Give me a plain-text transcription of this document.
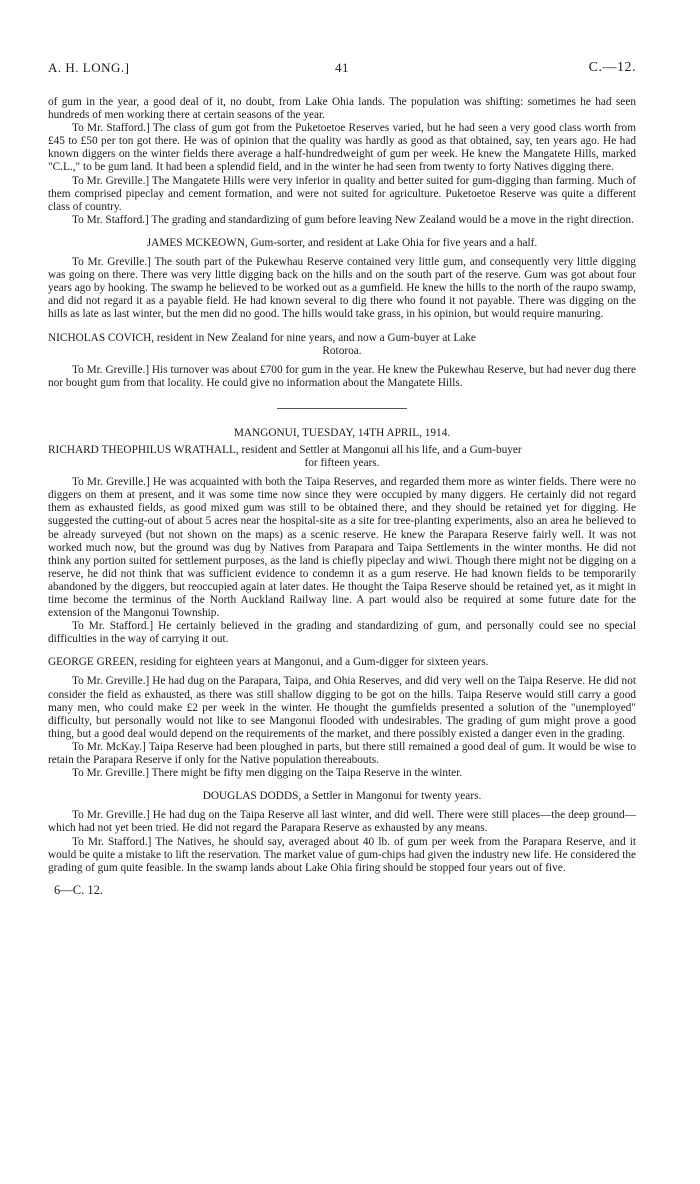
A. H. LONG.]	41	C.—12.

of gum in the year, a good deal of it, no doubt, from Lake Ohia lands. The population was shifting: sometimes he had seen hundreds of men working there at certain seasons of the year.

To Mr. Stafford.] The class of gum got from the Puketoetoe Reserves varied, but he had seen a very good class worth from £45 to £50 per ton got there. He was of opinion that the quality was hardly as good as that obtained, say, ten years ago. He had known diggers on the winter fields there average a half-hundredweight of gum per week. He knew the Mangatete Hills, marked "C.L.," to be gum land. It had been a splendid field, and in the winter he had seen from twenty to forty Natives digging there.

To Mr. Greville.] The Mangatete Hills were very inferior in quality and better suited for gum-digging than farming. Much of them comprised pipeclay and cement formation, and were not suited for agriculture. Puketoetoe Reserve was quite a different class of country.

To Mr. Stafford.] The grading and standardizing of gum before leaving New Zealand would be a move in the right direction.

JAMES MCKEOWN, Gum-sorter, and resident at Lake Ohia for five years and a half.

To Mr. Greville.] The south part of the Pukewhau Reserve contained very little gum, and consequently very little digging was going on there. There was very little digging back on the hills and on the south part of the reserve. Gum was got about four years ago by hooking. The swamp he believed to be worked out as a gumfield. He knew the hills to the north of the raupo swamp, and did not regard it as a payable field. He had known several to dig there who found it not payable. There was digging on the hills as late as last winter, but the men did no good. The hills would take grass, in his opinion, but would require manuring.

NICHOLAS COVICH, resident in New Zealand for nine years, and now a Gum-buyer at Lake
Rotoroa.

To Mr. Greville.] His turnover was about £700 for gum in the year. He knew the Pukewhau Reserve, but had never dug there nor bought gum from that locality. He could give no information about the Mangatete Hills.

MANGONUI, TUESDAY, 14TH APRIL, 1914.
RICHARD THEOPHILUS WRATHALL, resident and Settler at Mangonui all his life, and a Gum-buyer
for fifteen years.

To Mr. Greville.] He was acquainted with both the Taipa Reserves, and regarded them more as winter fields. There were no diggers on them at present, and it was some time now since they were occupied by many diggers. He certainly did not regard them as exhausted fields, as good mixed gum was still to be obtained there, and they should be retained yet for digging. He suggested the cutting-out of about 5 acres near the hospital-site as a site for tree-planting experiments, also an area he believed to be already surveyed (but not shown on the maps) as a scenic reserve. He knew the Parapara Reserve fairly well. It was not worked much now, but the ground was dug by Natives from Parapara and Taipa Settlements in the winter months. He did not think any portion suited for settlement purposes, as the land is chiefly pipeclay and wiwi. Though there might not be digging on a reserve, he did not think that was sufficient evidence to condemn it as a gum reserve. He had known fields to be temporarily abandoned by the diggers, but reoccupied again at later dates. He thought the Taipa Reserve should be retained yet, as it might in time become the terminus of the North Auckland Railway line. A part would also be required at some future date for the extension of the Mangonui Township.

To Mr. Stafford.] He certainly believed in the grading and standardizing of gum, and personally could see no special difficulties in the way of carrying it out.

GEORGE GREEN, residing for eighteen years at Mangonui, and a Gum-digger for sixteen years.

To Mr. Greville.] He had dug on the Parapara, Taipa, and Ohia Reserves, and did very well on the Taipa Reserve. He did not consider the field as exhausted, as there was still shallow digging to be got on the hills. Taipa Reserve would still carry a good many men, who could make £2 per week in the winter. He thought the gumfields presented a solution of the "unemployed" difficulty, but personally would not like to see Mangonui flooded with undesirables. The grading of gum might prove a good thing, but a good deal would depend on the requirements of the market, and there possibly existed a danger even in the grading.

To Mr. McKay.] Taipa Reserve had been ploughed in parts, but there still remained a good deal of gum. It would be wise to retain the Parapara Reserve if only for the Native population thereabouts.

To Mr. Greville.] There might be fifty men digging on the Taipa Reserve in the winter.

DOUGLAS DODDS, a Settler in Mangonui for twenty years.

To Mr. Greville.] He had dug on the Taipa Reserve all last winter, and did well. There were still places—the deep ground—which had not yet been tried. He did not regard the Parapara Reserve as exhausted by any means.

To Mr. Stafford.] The Natives, he should say, averaged about 40 lb. of gum per week from the Parapara Reserve, and it would be quite a mistake to lift the reservation. The market value of gum-chips had given the industry new life. He considered the grading of gum quite feasible. In the swamp lands about Lake Ohia firing should be stopped four years out of five.

6—C. 12.
